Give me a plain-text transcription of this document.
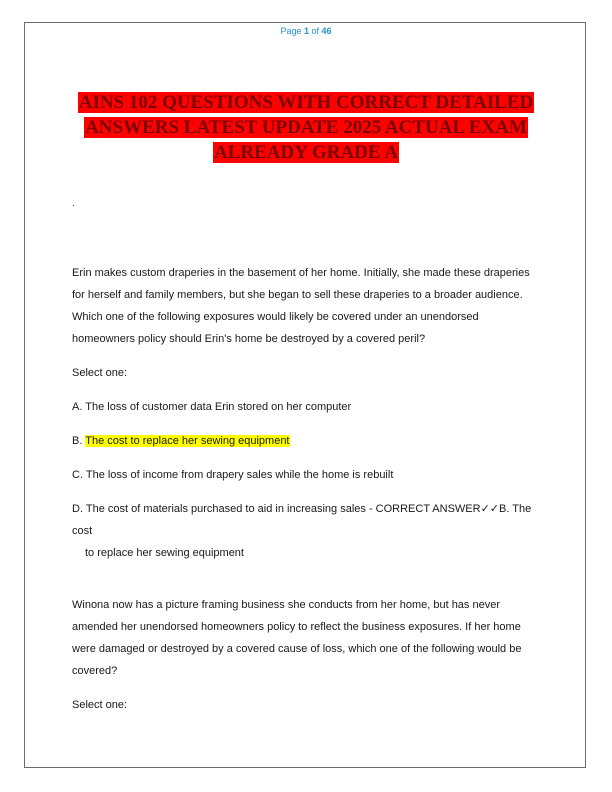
Page 1 of 46
AINS 102 QUESTIONS WITH CORRECT DETAILED
ANSWERS LATEST UPDATE 2025 ACTUAL EXAM
ALREADY GRADE A
.

Erin makes custom draperies in the basement of her home. Initially, she made these draperies for herself and family members, but she began to sell these draperies to a broader audience. Which one of the following exposures would likely be covered under an unendorsed homeowners policy should Erin's home be destroyed by a covered peril?

Select one:

A. The loss of customer data Erin stored on her computer

B. The cost to replace her sewing equipment

C. The loss of income from drapery sales while the home is rebuilt

D. The cost of materials purchased to aid in increasing sales - CORRECT ANSWER✓✓B. The cost

to replace her sewing equipment

Winona now has a picture framing business she conducts from her home, but has never amended her unendorsed homeowners policy to reflect the business exposures. If her home were damaged or destroyed by a covered cause of loss, which one of the following would be covered?

Select one:
